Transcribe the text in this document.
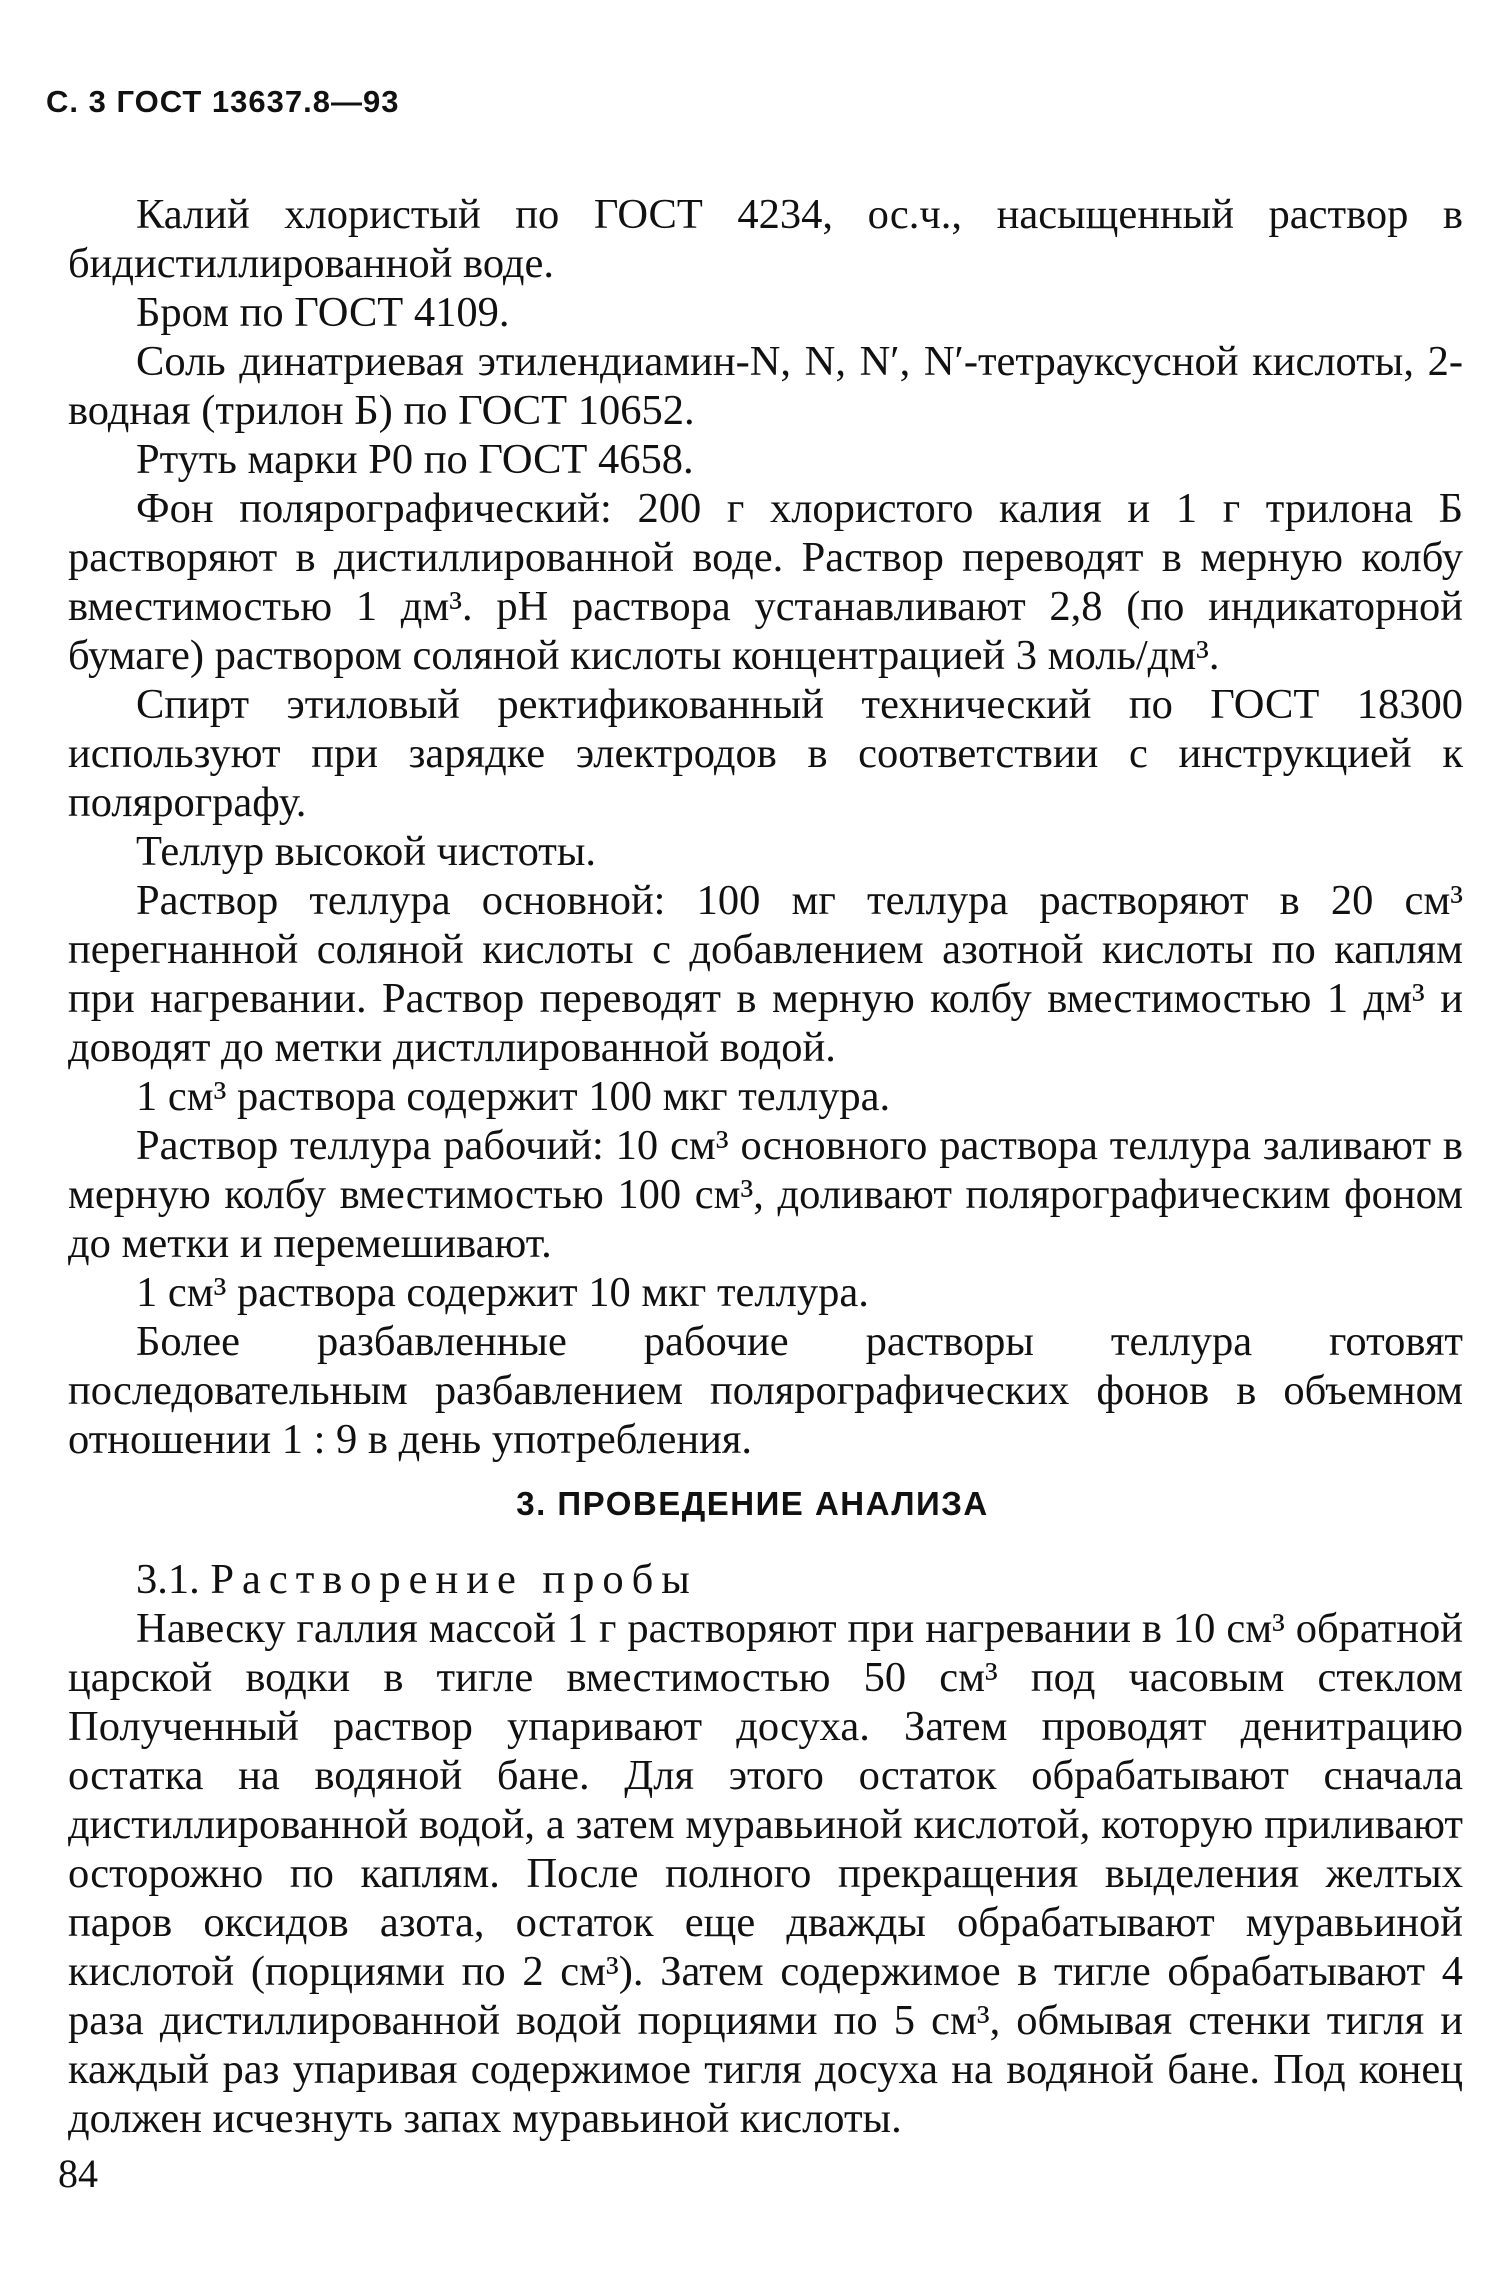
С. 3 ГОСТ 13637.8—93

Калий хлористый по ГОСТ 4234, ос.ч., насыщенный раствор в бидистиллированной воде.

Бром по ГОСТ 4109.

Соль динатриевая этилендиамин-N, N, N′, N′-тетрауксусной кислоты, 2-водная (трилон Б) по ГОСТ 10652.

Ртуть марки Р0 по ГОСТ 4658.

Фон полярографический: 200 г хлористого калия и 1 г трилона Б растворяют в дистиллированной воде. Раствор переводят в мерную колбу вместимостью 1 дм³. pH раствора устанавливают 2,8 (по индикаторной бумаге) раствором соляной кислоты концентрацией 3 моль/дм³.

Спирт этиловый ректификованный технический по ГОСТ 18300 используют при зарядке электродов в соответствии с инструкцией к полярографу.

Теллур высокой чистоты.

Раствор теллура основной: 100 мг теллура растворяют в 20 см³ перегнанной соляной кислоты с добавлением азотной кислоты по каплям при нагревании. Раствор переводят в мерную колбу вместимостью 1 дм³ и доводят до метки дистллированной водой.

1 см³ раствора содержит 100 мкг теллура.

Раствор теллура рабочий: 10 см³ основного раствора теллура заливают в мерную колбу вместимостью 100 см³, доливают полярографическим фоном до метки и перемешивают.

1 см³ раствора содержит 10 мкг теллура.

Более разбавленные рабочие растворы теллура готовят последовательным разбавлением полярографических фонов в объемном отношении 1 : 9 в день употребления.

3. ПРОВЕДЕНИЕ АНАЛИЗА

3.1. Растворение пробы

Навеску галлия массой 1 г растворяют при нагревании в 10 см³ обратной царской водки в тигле вместимостью 50 см³ под часовым стеклом Полученный раствор упаривают досуха. Затем проводят денитрацию остатка на водяной бане. Для этого остаток обрабатывают сначала дистиллированной водой, а затем муравьиной кислотой, которую приливают осторожно по каплям. После полного прекращения выделения желтых паров оксидов азота, остаток еще дважды обрабатывают муравьиной кислотой (порциями по 2 см³). Затем содержимое в тигле обрабатывают 4 раза дистиллированной водой порциями по 5 см³, обмывая стенки тигля и каждый раз упаривая содержимое тигля досуха на водяной бане. Под конец должен исчезнуть запах муравьиной кислоты.

84
